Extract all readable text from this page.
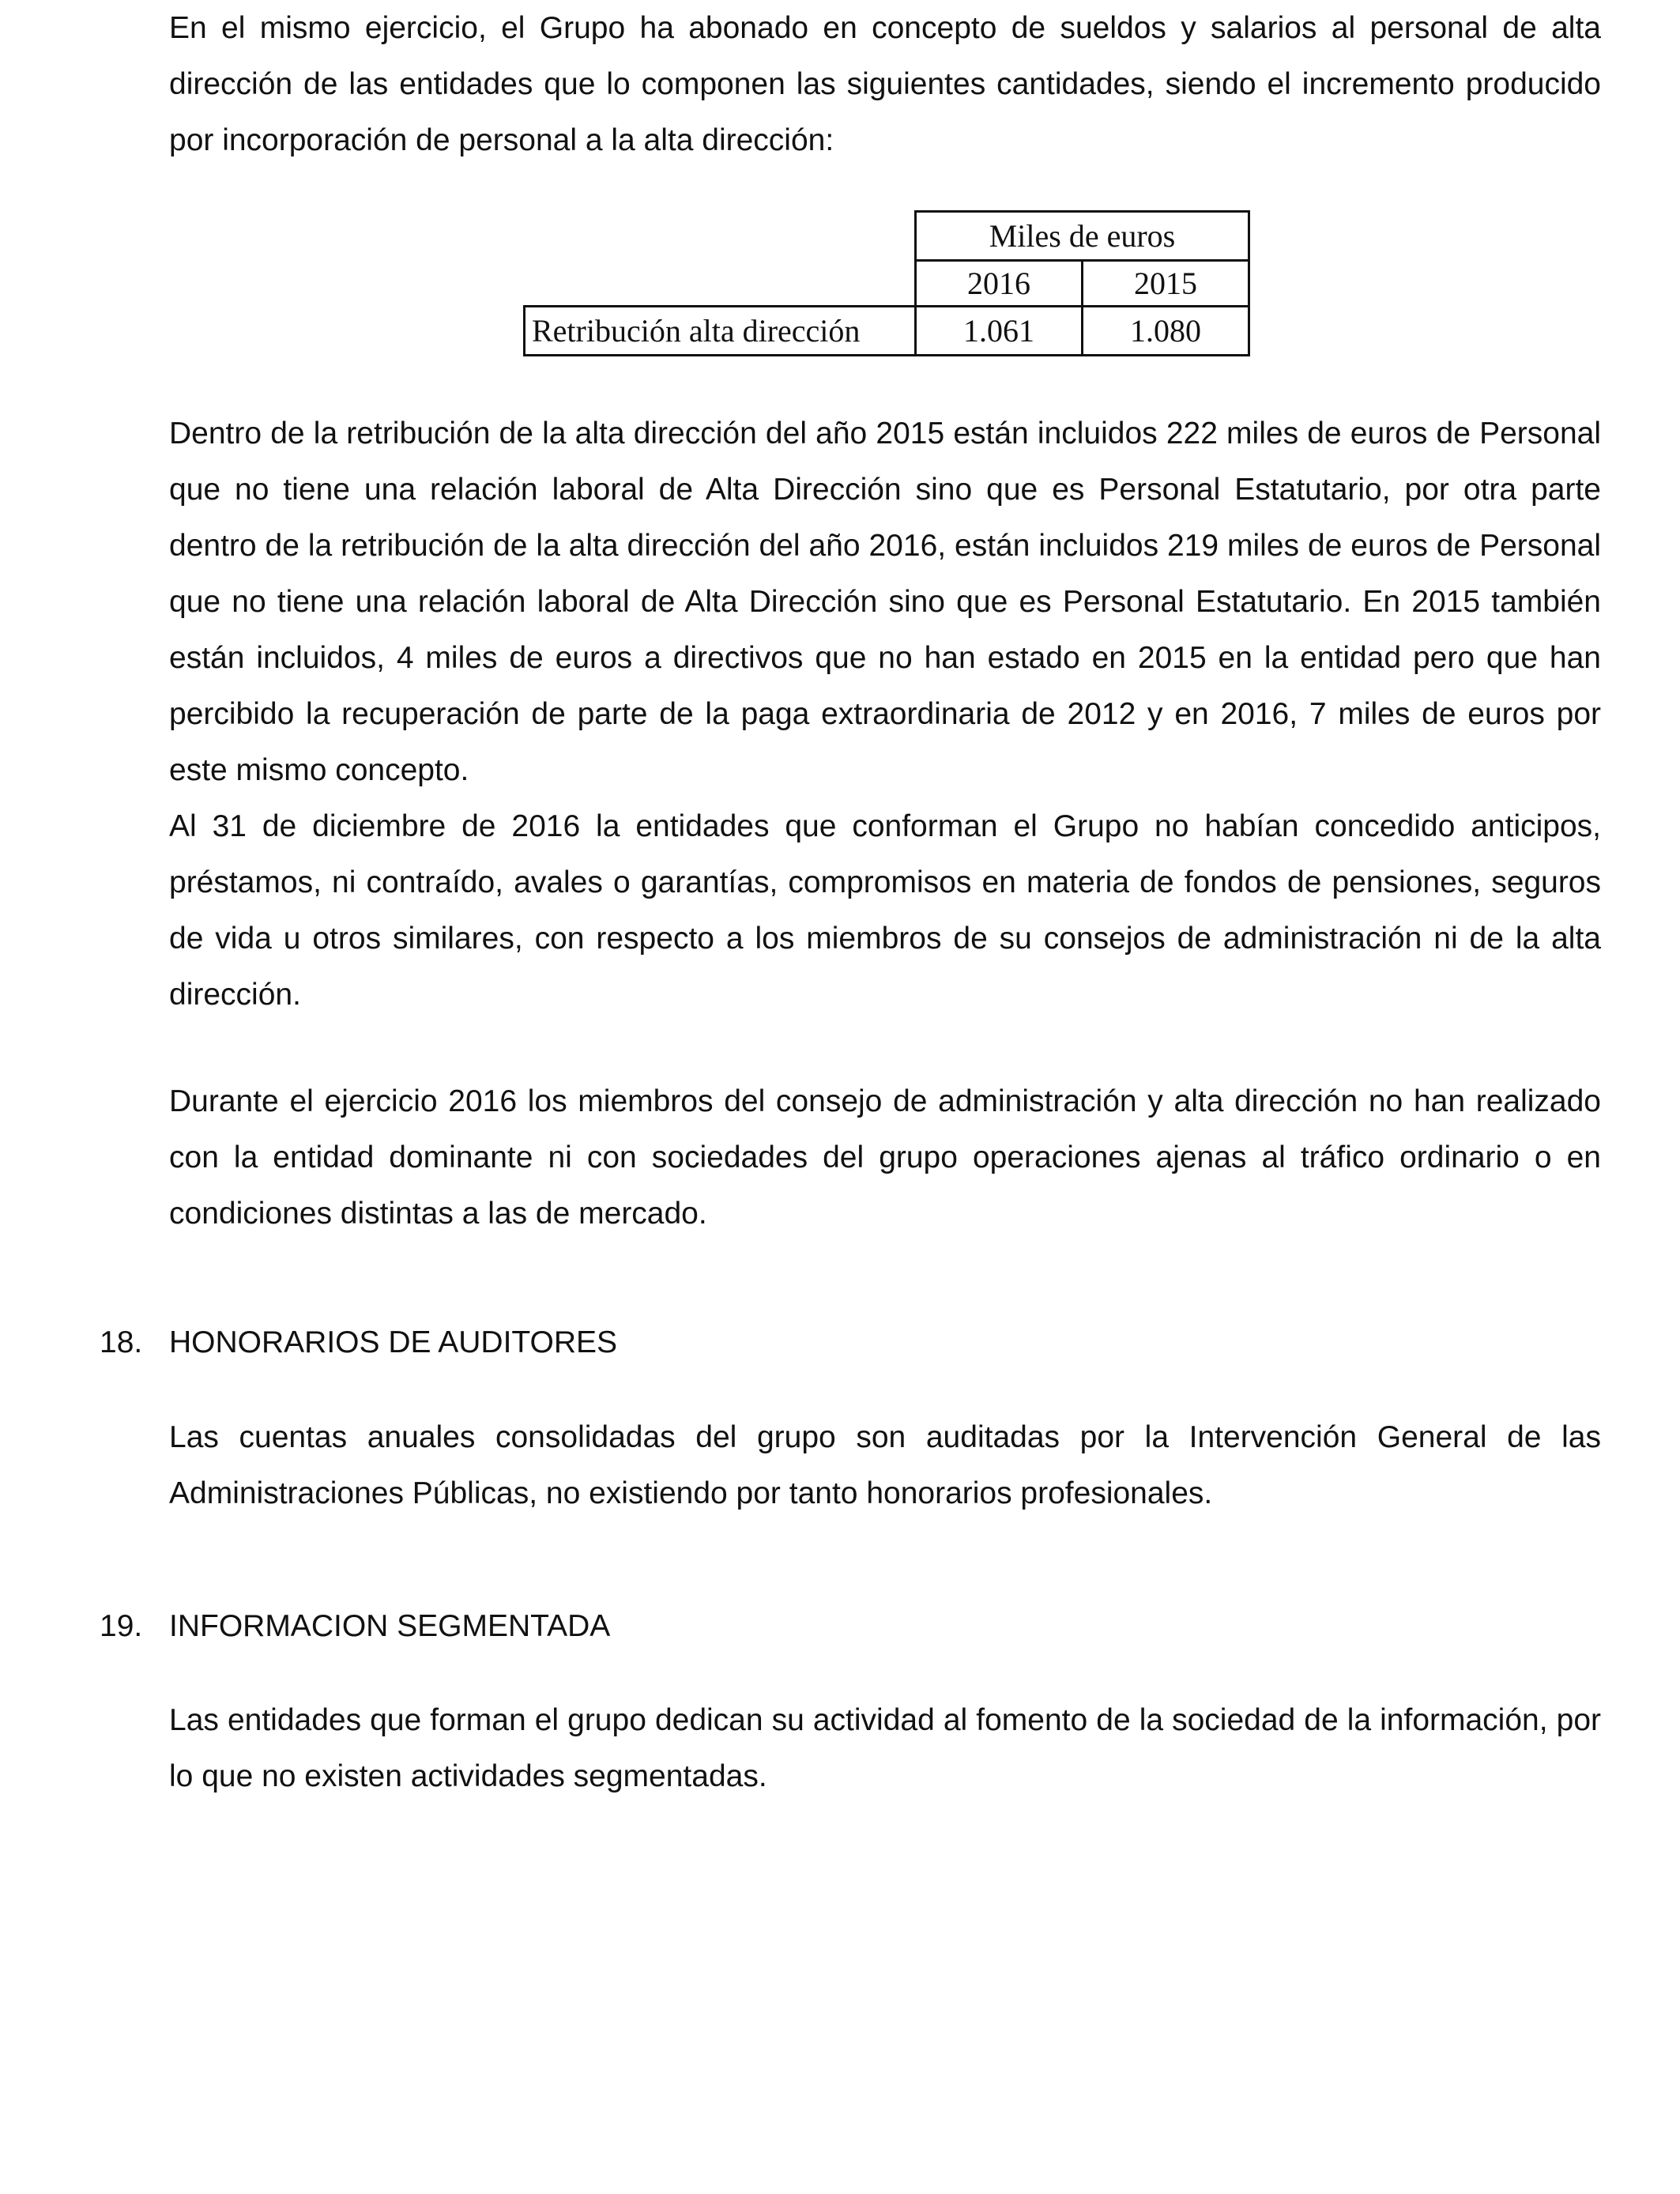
En el mismo ejercicio, el Grupo ha abonado en concepto de sueldos y salarios al personal de alta dirección de las entidades que lo componen las siguientes cantidades, siendo el incremento producido por incorporación de personal a la alta dirección:

	Miles de euros	
	2016	2015
Retribución alta dirección	1.061	1.080

Dentro de la retribución de la alta dirección del año 2015 están incluidos 222 miles de euros de Personal que no tiene una relación laboral de Alta Dirección sino que es Personal Estatutario, por otra parte dentro de la retribución de la alta dirección del año 2016, están incluidos 219 miles de euros de Personal que no tiene una relación laboral de Alta Dirección sino que es Personal Estatutario. En 2015 también están incluidos, 4 miles de euros a directivos que no han estado en 2015 en la entidad pero que han percibido la recuperación de parte de la paga extraordinaria de 2012 y en 2016, 7 miles de euros por este mismo concepto.

Al 31 de diciembre de 2016 la entidades que conforman el Grupo no habían concedido anticipos, préstamos, ni contraído, avales o garantías, compromisos en materia de fondos de pensiones, seguros de vida u otros similares, con respecto a los miembros de su consejos de administración ni de la alta dirección.

Durante el ejercicio 2016 los miembros del consejo de administración y alta dirección no han realizado con la entidad dominante ni con sociedades del grupo operaciones ajenas al tráfico ordinario o en condiciones distintas a las de mercado.

18. HONORARIOS DE AUDITORES

Las cuentas anuales consolidadas del grupo son auditadas por la Intervención General de las Administraciones Públicas, no existiendo por tanto honorarios profesionales.

19. INFORMACION SEGMENTADA

Las entidades que forman el grupo dedican su actividad al fomento de la sociedad de la información, por lo que no existen actividades segmentadas.
